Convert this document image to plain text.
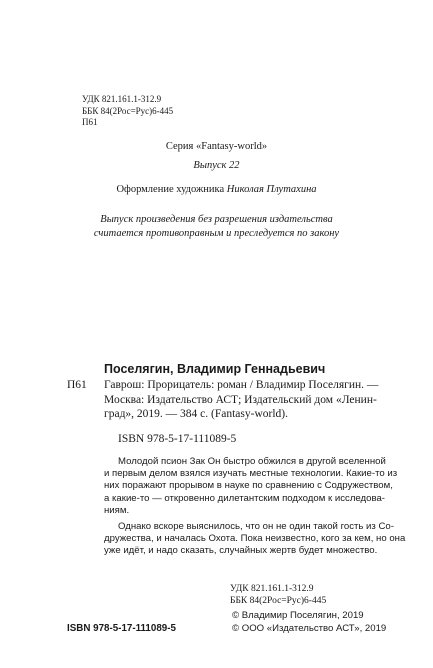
УДК 821.161.1-312.9
ББК 84(2Рос=Рус)6-445
П61
Серия «Fantasy-world»
Выпуск 22
Оформление художника Николая Плутахина
Выпуск произведения без разрешения издательства
считается противоправным и преследуется по закону
Поселягин, Владимир Геннадьевич
П61 Гаврош: Прорицатель: роман / Владимир Поселягин. —
Москва: Издательство АСТ; Издательский дом «Ленин-
град», 2019. — 384 с. (Fantasy-world).
ISBN 978-5-17-111089-5
Молодой псион Зак Он быстро обжился в другой вселенной
и первым делом взялся изучать местные технологии. Какие-то из
них поражают прорывом в науке по сравнению с Содружеством,
а какие-то — откровенно дилетантским подходом к исследова-
ниям.
Однако вскоре выяснилось, что он не один такой гость из Со-
дружества, и началась Охота. Пока неизвестно, кого за кем, но она
уже идёт, и надо сказать, случайных жертв будет множество.
УДК 821.161.1-312.9
ББК 84(2Рос=Рус)6-445
ISBN 978-5-17-111089-5
© Владимир Поселягин, 2019
© ООО «Издательство АСТ», 2019
